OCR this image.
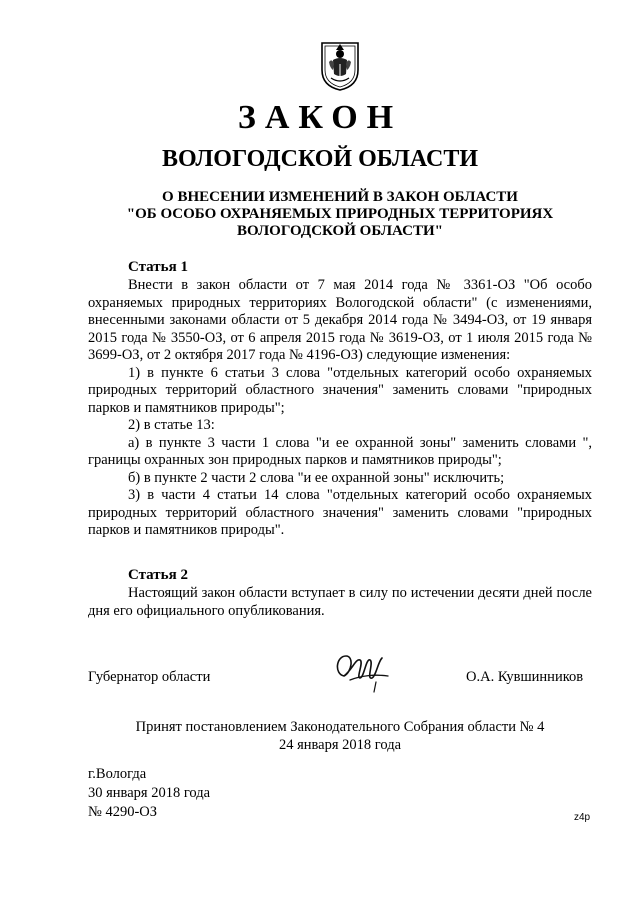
ЗАКОН
ВОЛОГОДСКОЙ ОБЛАСТИ
О ВНЕСЕНИИ ИЗМЕНЕНИЙ В ЗАКОН ОБЛАСТИ
"ОБ ОСОБО ОХРАНЯЕМЫХ ПРИРОДНЫХ ТЕРРИТОРИЯХ
ВОЛОГОДСКОЙ ОБЛАСТИ"
Статья 1

Внести в закон области от 7 мая 2014 года № 3361-ОЗ "Об особо охраняемых природных территориях Вологодской области" (с изменениями, внесенными законами области от 5 декабря 2014 года № 3494-ОЗ, от 19 января 2015 года № 3550-ОЗ, от 6 апреля 2015 года № 3619-ОЗ, от 1 июля 2015 года № 3699-ОЗ, от 2 октября 2017 года № 4196-ОЗ) следующие изменения:

1) в пункте 6 статьи 3 слова "отдельных категорий особо охраняемых природных территорий областного значения" заменить словами "природных парков и памятников природы";

2) в статье 13:

а) в пункте 3 части 1 слова "и ее охранной зоны" заменить словами ", границы охранных зон природных парков и памятников природы";

б) в пункте 2 части 2 слова "и ее охранной зоны" исключить;

3) в части 4 статьи 14 слова "отдельных категорий особо охраняемых природных территорий областного значения" заменить словами "природных парков и памятников природы".

Статья 2

Настоящий закон области вступает в силу по истечении десяти дней после дня его официального опубликования.

Губернатор области	О.А. Кувшинников
Принят постановлением Законодательного Собрания области № 4
24 января 2018 года
г.Вологда
30 января 2018 года
№ 4290-ОЗ	z4p
